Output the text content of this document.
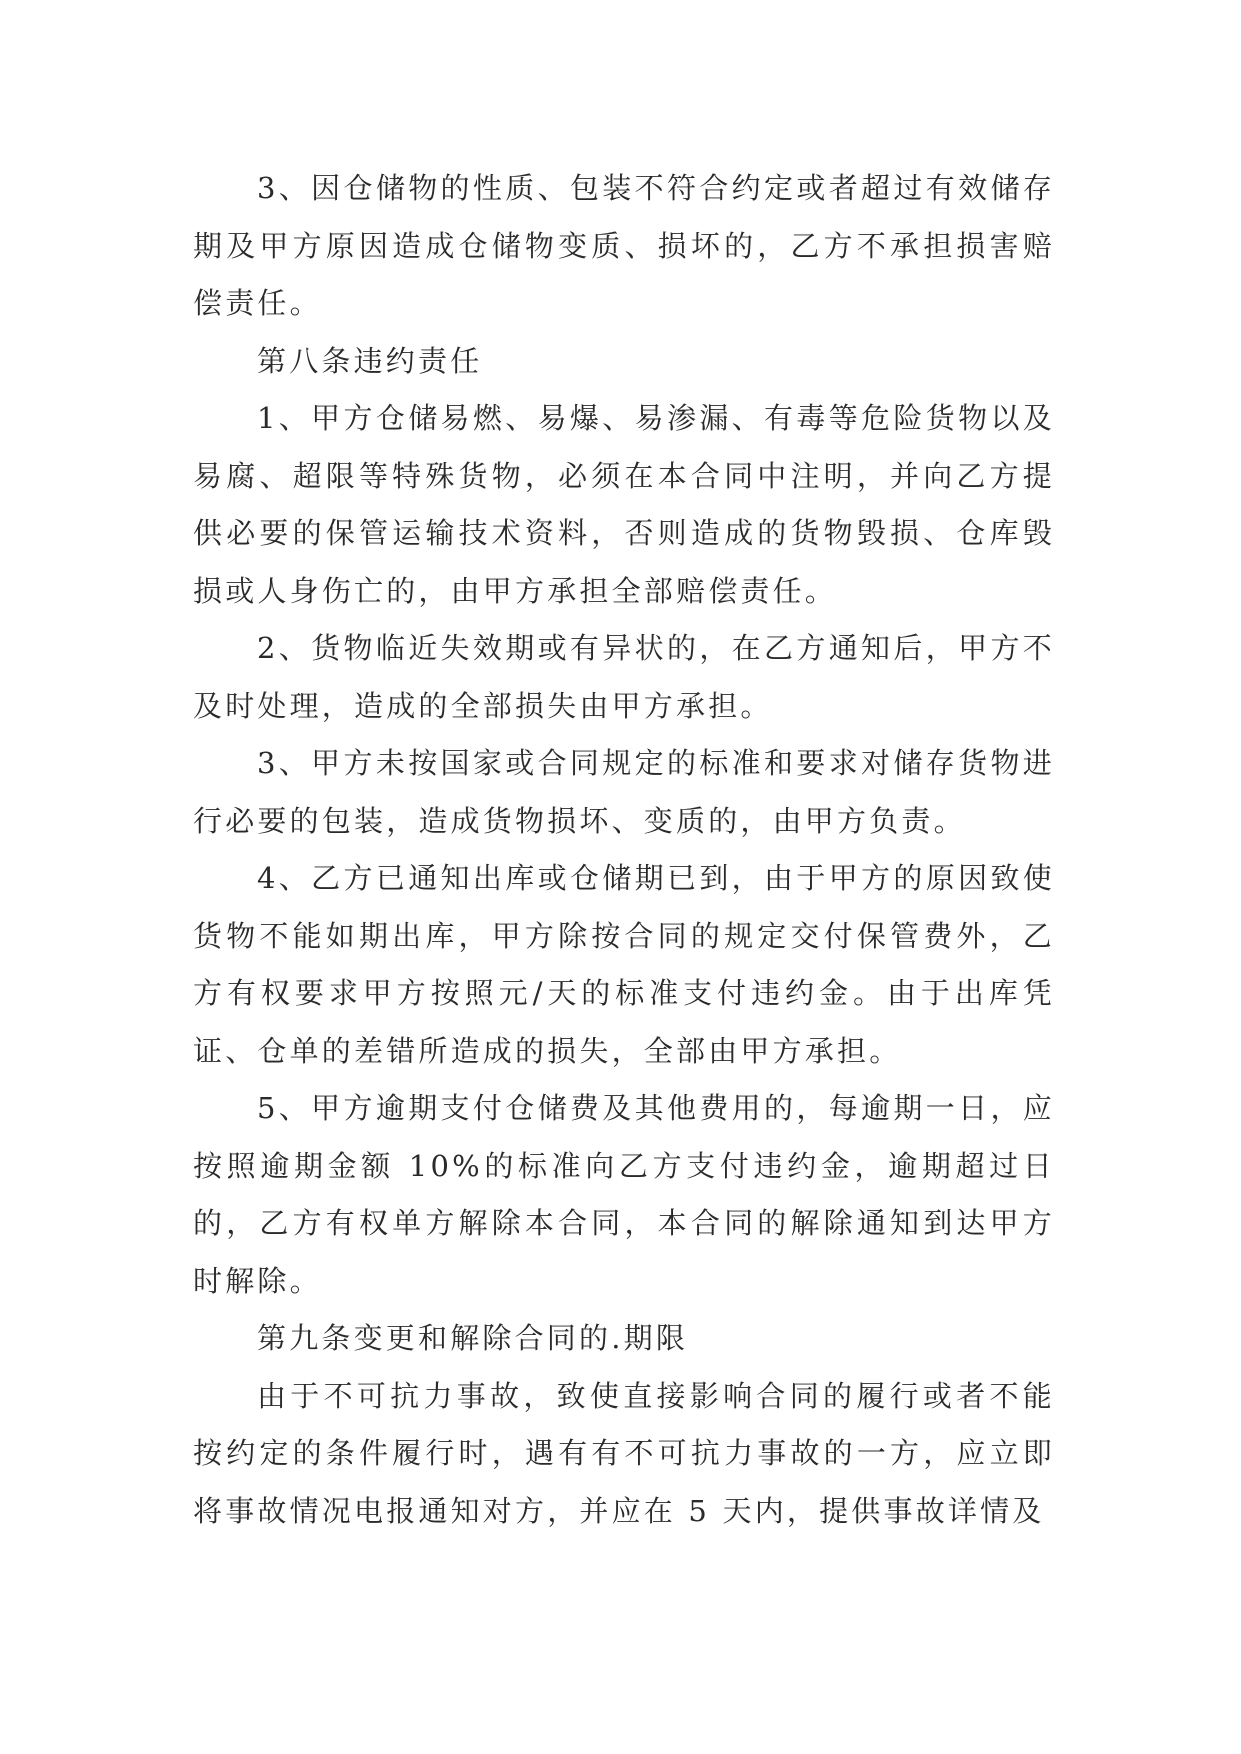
3、因仓储物的性质、包装不符合约定或者超过有效储存期及甲方原因造成仓储物变质、损坏的，乙方不承担损害赔偿责任。

第八条违约责任

1、甲方仓储易燃、易爆、易渗漏、有毒等危险货物以及易腐、超限等特殊货物，必须在本合同中注明，并向乙方提供必要的保管运输技术资料，否则造成的货物毁损、仓库毁损或人身伤亡的，由甲方承担全部赔偿责任。

2、货物临近失效期或有异状的，在乙方通知后，甲方不及时处理，造成的全部损失由甲方承担。

3、甲方未按国家或合同规定的标准和要求对储存货物进行必要的包装，造成货物损坏、变质的，由甲方负责。

4、乙方已通知出库或仓储期已到，由于甲方的原因致使货物不能如期出库，甲方除按合同的规定交付保管费外，乙方有权要求甲方按照元/天的标准支付违约金。由于出库凭证、仓单的差错所造成的损失，全部由甲方承担。

5、甲方逾期支付仓储费及其他费用的，每逾期一日，应按照逾期金额 10%的标准向乙方支付违约金，逾期超过日的，乙方有权单方解除本合同，本合同的解除通知到达甲方时解除。

第九条变更和解除合同的.期限

由于不可抗力事故，致使直接影响合同的履行或者不能按约定的条件履行时，遇有有不可抗力事故的一方，应立即将事故情况电报通知对方，并应在 5 天内，提供事故详情及
